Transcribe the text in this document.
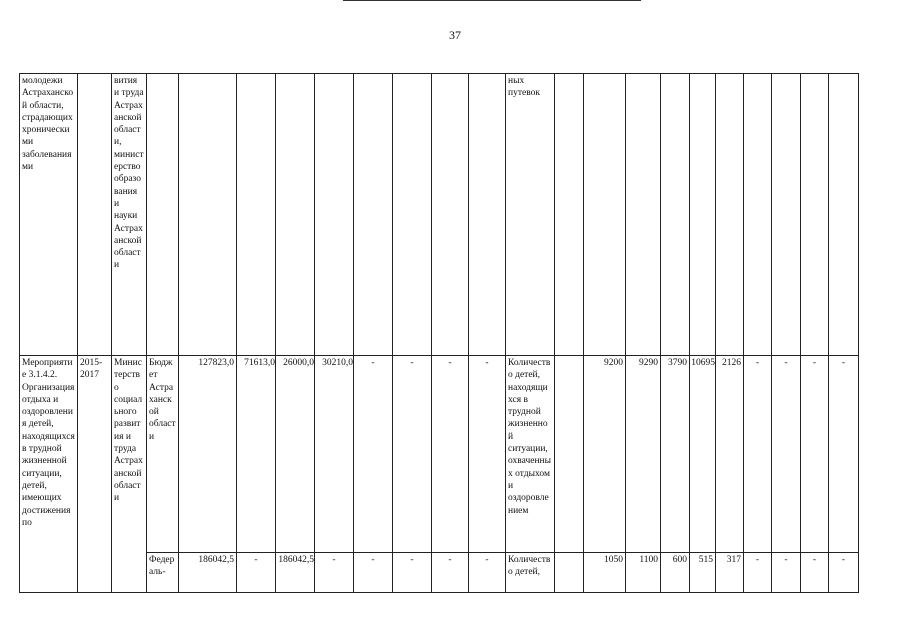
37
молодежи Астраханской области, страдающих хроническими заболеваниями		вития и труда Астраханской области, министерство образования и науки Астраханской области										ных путевок										
Мероприятие 3.1.4.2. Организация отдыха и оздоровления детей, находящихся в трудной жизненной ситуации, детей, имеющих достижения по	2015-2017	Министерство социального развития и труда Астраханской области	Бюджет Астраханской области	127823,0	71613,0	26000,0	30210,0	-	-	-	-	Количество детей, находящихся в трудной жизненной ситуации, охваченных отдыхом и оздоровлением		9200	9290	3790	10695	2126	-	-	-	-
			Федераль-	186042,5	-	186042,5	-	-	-	-	-	Количество детей,		1050	1100	600	515	317	-	-	-	-
